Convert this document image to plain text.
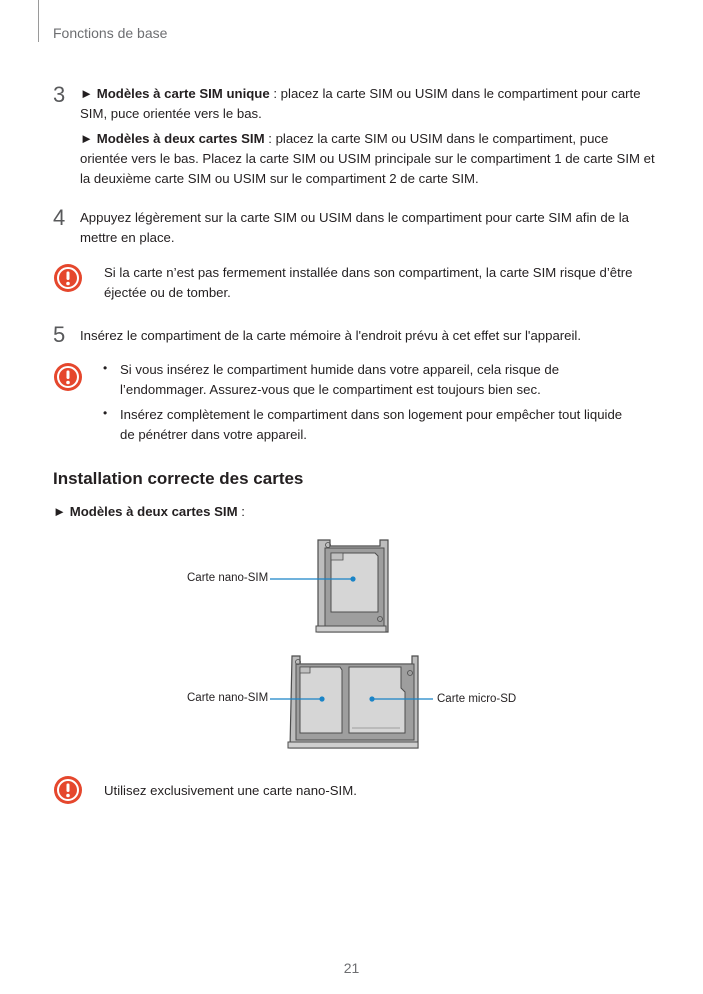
Fonctions de base
3 ► Modèles à carte SIM unique : placez la carte SIM ou USIM dans le compartiment pour carte
SIM, puce orientée vers le bas.
► Modèles à deux cartes SIM : placez la carte SIM ou USIM dans le compartiment, puce
orientée vers le bas. Placez la carte SIM ou USIM principale sur le compartiment 1 de carte SIM et
la deuxième carte SIM ou USIM sur le compartiment 2 de carte SIM.
4 Appuyez légèrement sur la carte SIM ou USIM dans le compartiment pour carte SIM afin de la
mettre en place.
Si la carte n’est pas fermement installée dans son compartiment, la carte SIM risque d’être
éjectée ou de tomber.
5 Insérez le compartiment de la carte mémoire à l'endroit prévu à cet effet sur l'appareil.
• Si vous insérez le compartiment humide dans votre appareil, cela risque de
l’endommager. Assurez-vous que le compartiment est toujours bien sec.
• Insérez complètement le compartiment dans son logement pour empêcher tout liquide
de pénétrer dans votre appareil.
Installation correcte des cartes
► Modèles à deux cartes SIM :
Carte nano-SIM
Carte nano-SIM	Carte micro-SD
Utilisez exclusivement une carte nano-SIM.
21
